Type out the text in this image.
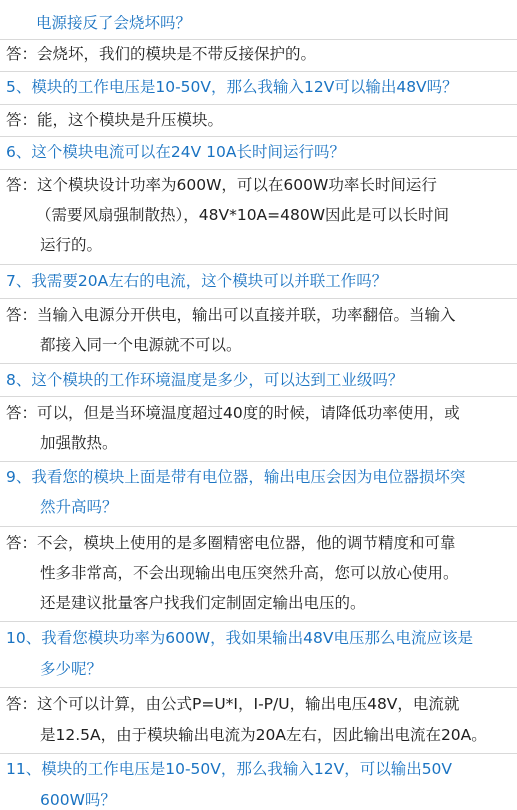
电源接反了会烧坏吗？
答：会烧坏，我们的模块是不带反接保护的。
5、模块的工作电压是10-50V，那么我输入12V可以输出48V吗？
答：能，这个模块是升压模块。
6、这个模块电流可以在24V 10A长时间运行吗？
答：这个模块设计功率为600W，可以在600W功率长时间运行
（需要风扇强制散热），48V*10A=480W因此是可以长时间
运行的。
7、我需要20A左右的电流，这个模块可以并联工作吗？
答：当输入电源分开供电，输出可以直接并联，功率翻倍。当输入
都接入同一个电源就不可以。
8、这个模块的工作环境温度是多少，可以达到工业级吗？
答：可以，但是当环境温度超过40度的时候，请降低功率使用，或
加强散热。
9、我看您的模块上面是带有电位器，输出电压会因为电位器损坏突
然升高吗？
答：不会，模块上使用的是多圈精密电位器，他的调节精度和可靠
性多非常高，不会出现输出电压突然升高，您可以放心使用。
还是建议批量客户找我们定制固定输出电压的。
10、我看您模块功率为600W，我如果输出48V电压那么电流应该是
多少呢？
答：这个可以计算，由公式P=U*I，I-P/U，输出电压48V，电流就
是12.5A，由于模块输出电流为20A左右，因此输出电流在20A。
11、模块的工作电压是10-50V，那么我输入12V，可以输出50V
600W吗？
